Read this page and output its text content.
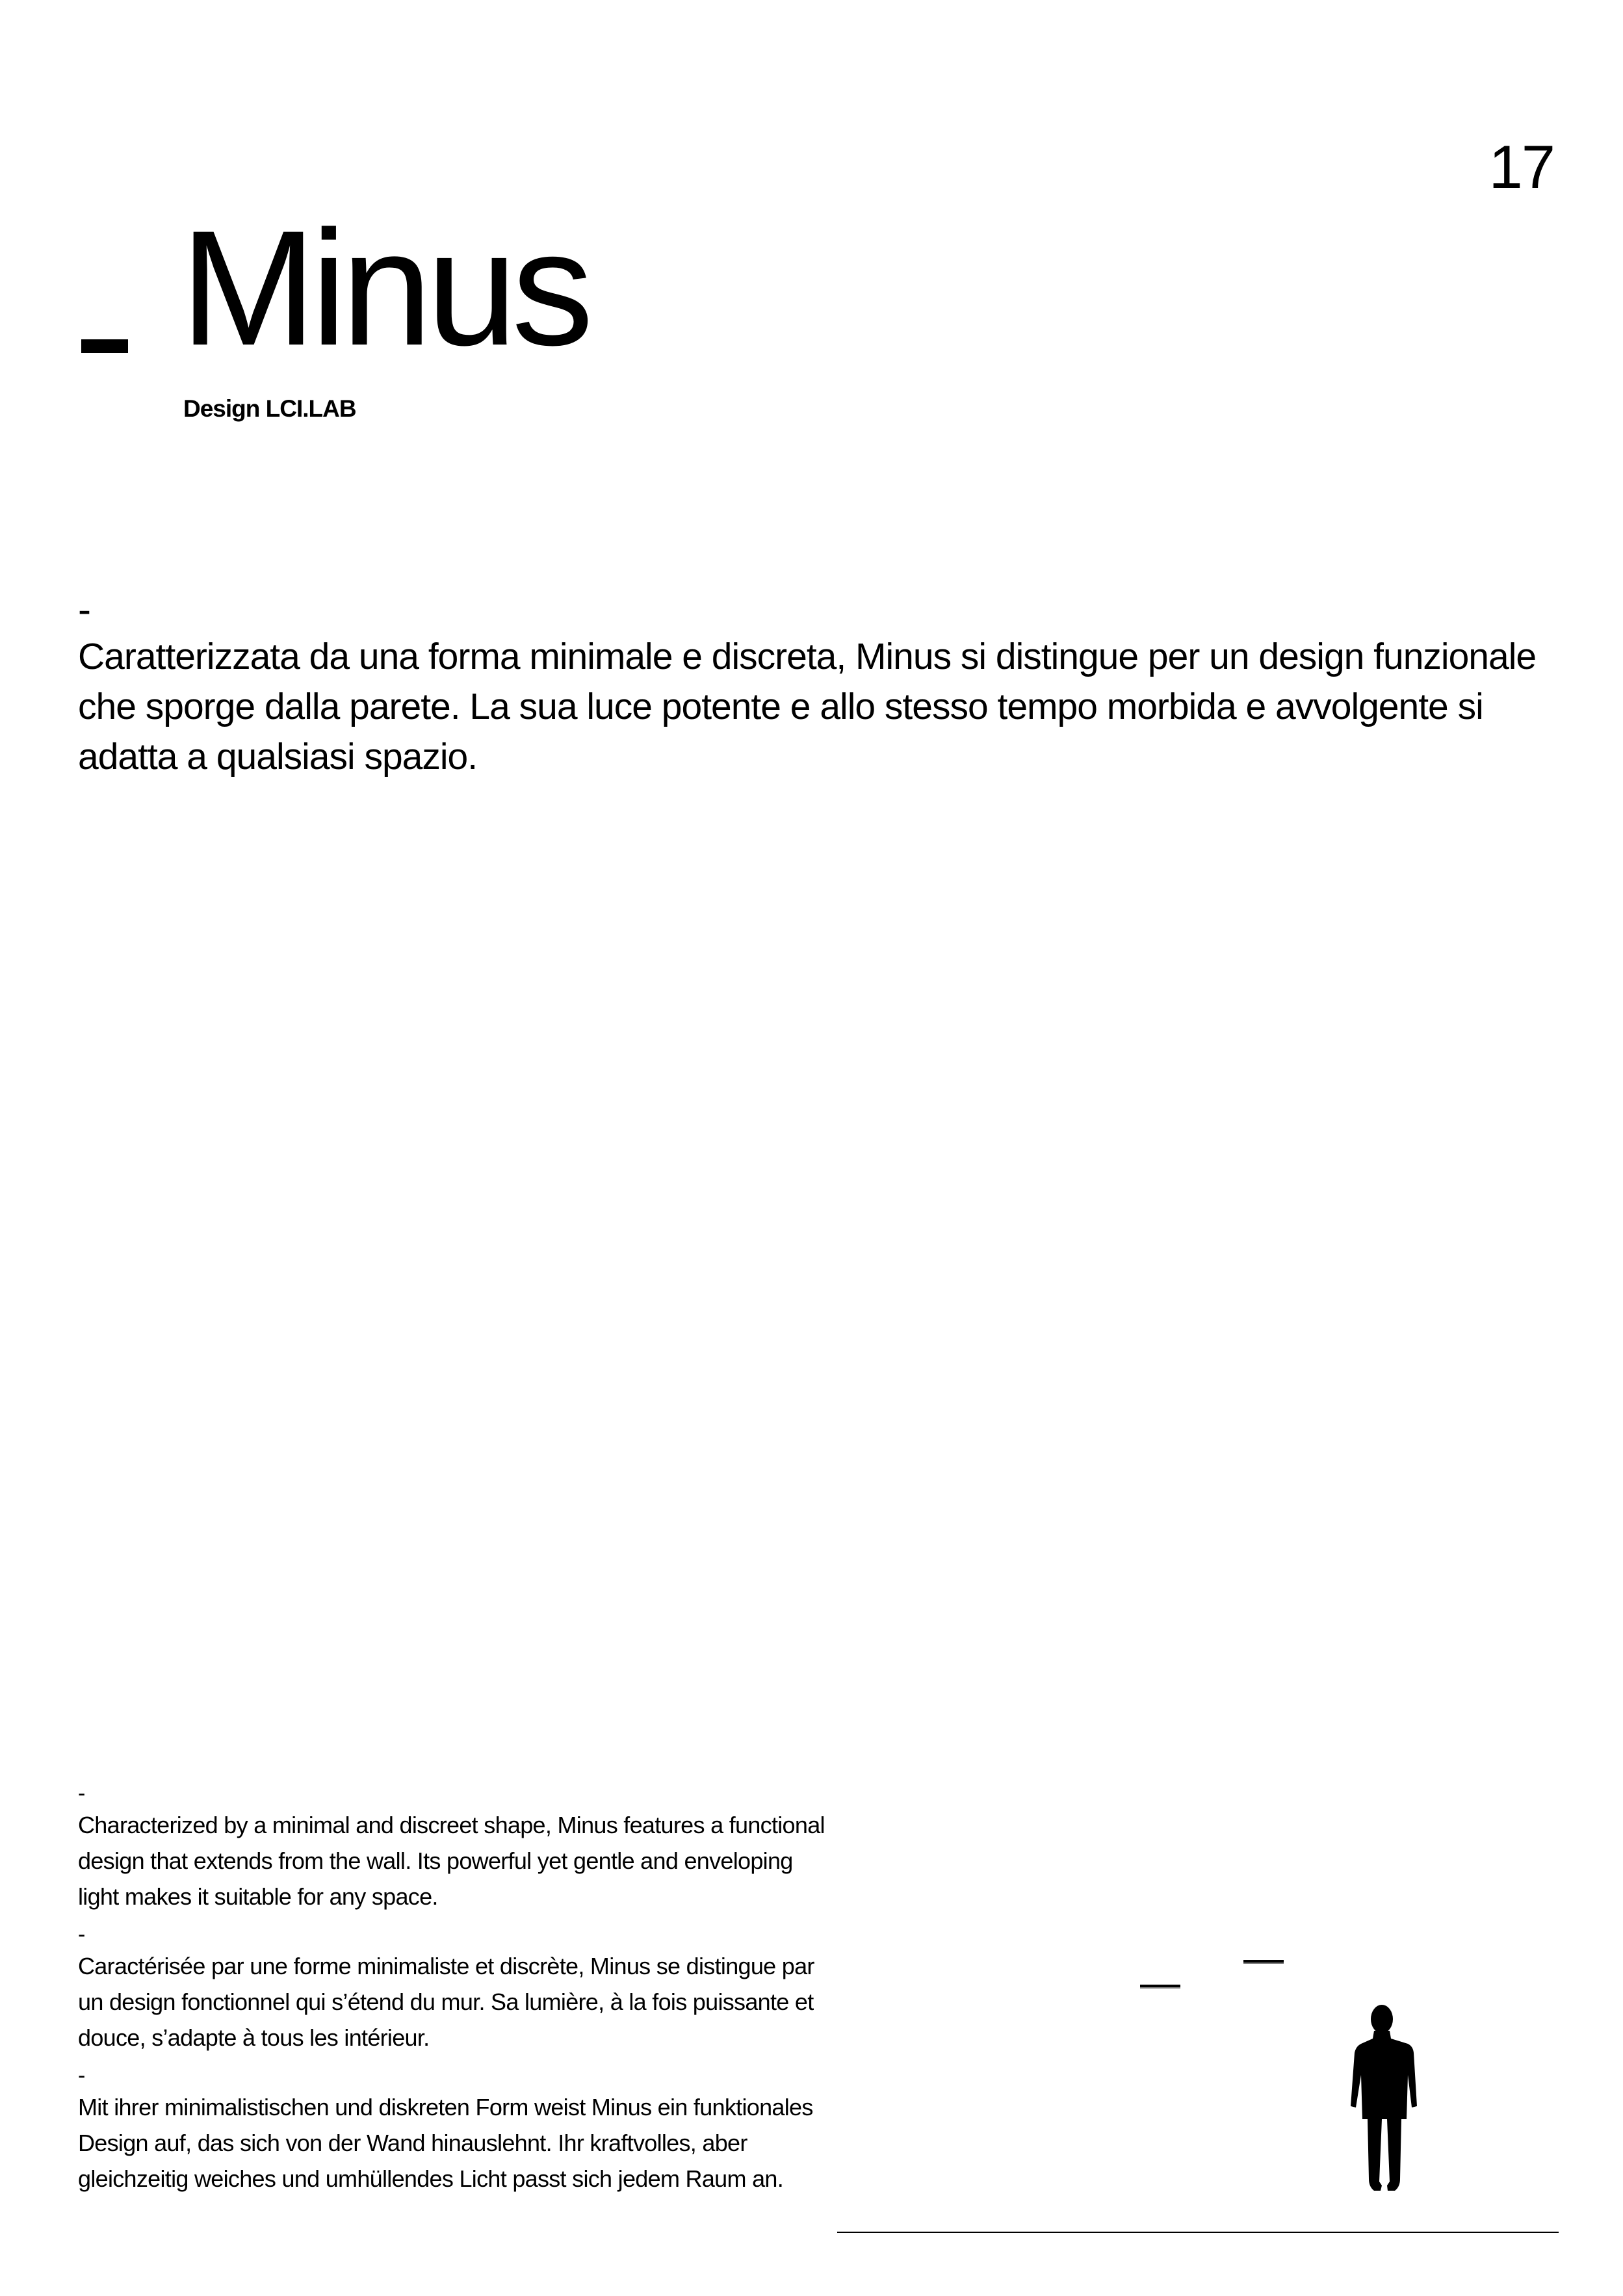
17
Minus
Design LCI.LAB
-

Caratterizzata da una forma minimale e discreta, Minus si distingue per un design funzionale che sporge dalla parete. La sua luce potente e allo stesso tempo morbida e avvolgente si adatta a qualsiasi spazio.

-
Characterized by a minimal and discreet shape, Minus features a functional design that extends from the wall. Its powerful yet gentle and enveloping light makes it suitable for any space.
-
Caractérisée par une forme minimaliste et discrète, Minus se distingue par un design fonctionnel qui s’étend du mur. Sa lumière, à la fois puissante et douce, s’adapte à tous les intérieur.
-
Mit ihrer minimalistischen und diskreten Form weist Minus ein funktionales Design auf, das sich von der Wand hinauslehnt. Ihr kraftvolles, aber gleichzeitig weiches und umhüllendes Licht passt sich jedem Raum an.
